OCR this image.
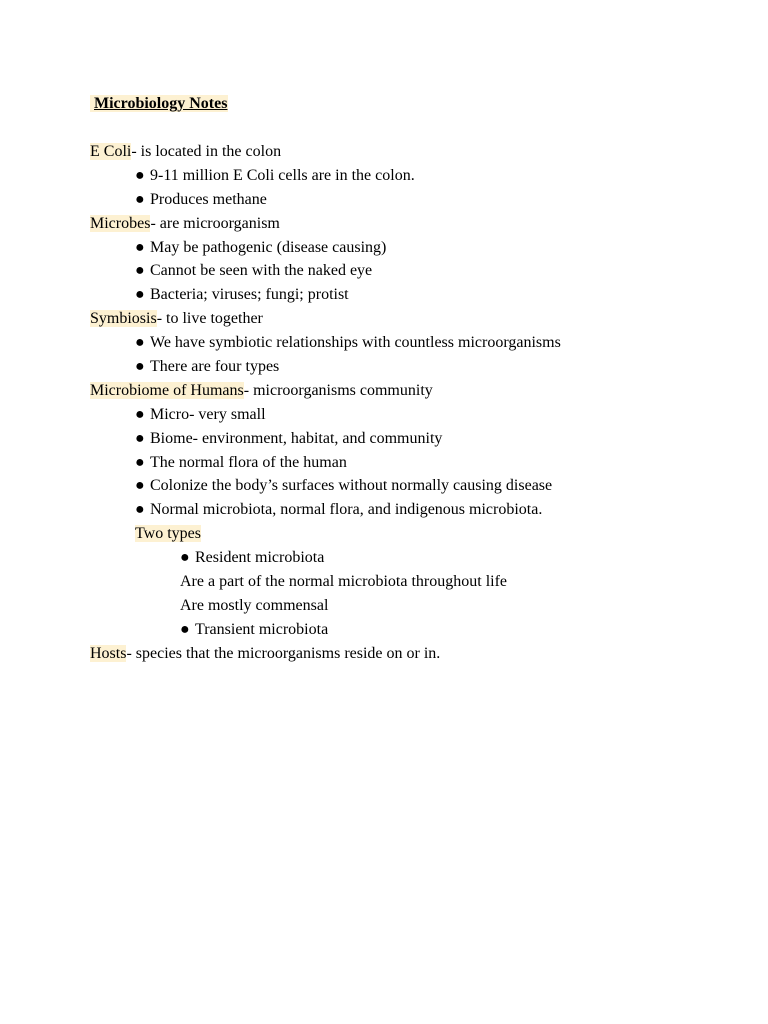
Microbiology Notes
E Coli- is located in the colon
● 9-11 million E Coli cells are in the colon.
● Produces methane
Microbes- are microorganism
● May be pathogenic (disease causing)
● Cannot be seen with the naked eye
● Bacteria; viruses; fungi; protist
Symbiosis- to live together
● We have symbiotic relationships with countless microorganisms
● There are four types
Microbiome of Humans- microorganisms community
● Micro- very small
● Biome- environment, habitat, and community
● The normal flora of the human
● Colonize the body’s surfaces without normally causing disease
● Normal microbiota, normal flora, and indigenous microbiota.
Two types
● Resident microbiota
Are a part of the normal microbiota throughout life
Are mostly commensal
● Transient microbiota
Hosts- species that the microorganisms reside on or in.
